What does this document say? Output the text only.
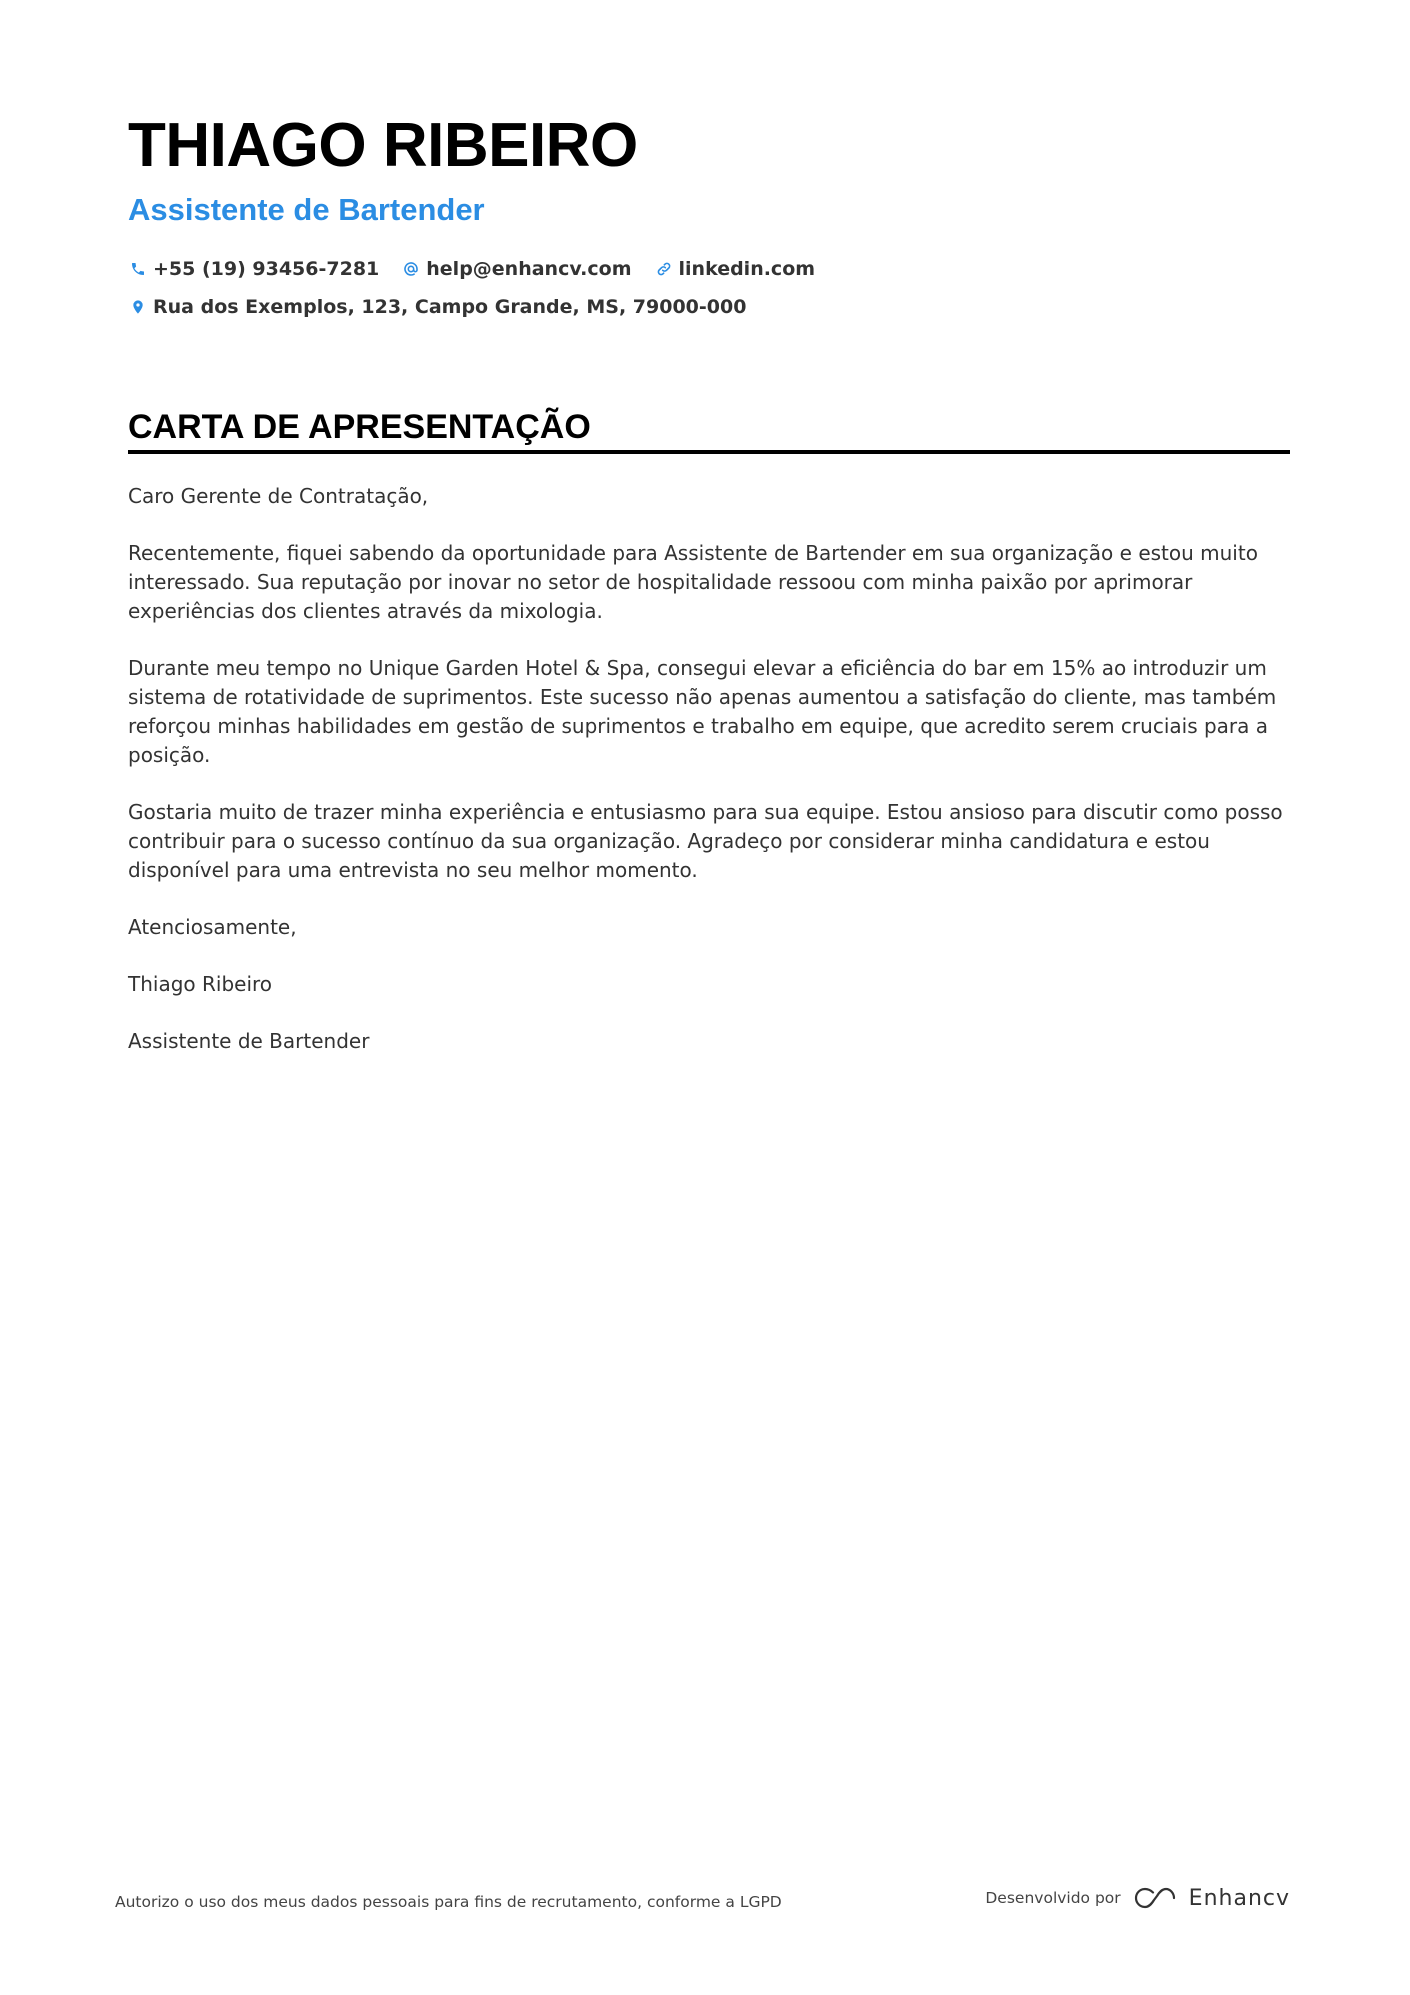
THIAGO RIBEIRO
Assistente de Bartender
+55 (19) 93456-7281 help@enhancv.com linkedin.com
Rua dos Exemplos, 123, Campo Grande, MS, 79000-000
CARTA DE APRESENTAÇÃO

Caro Gerente de Contratação,

Recentemente, fiquei sabendo da oportunidade para Assistente de Bartender em sua organização e estou muito interessado. Sua reputação por inovar no setor de hospitalidade ressoou com minha paixão por aprimorar experiências dos clientes através da mixologia.

Durante meu tempo no Unique Garden Hotel & Spa, consegui elevar a eficiência do bar em 15% ao introduzir um sistema de rotatividade de suprimentos. Este sucesso não apenas aumentou a satisfação do cliente, mas também reforçou minhas habilidades em gestão de suprimentos e trabalho em equipe, que acredito serem cruciais para a posição.

Gostaria muito de trazer minha experiência e entusiasmo para sua equipe. Estou ansioso para discutir como posso contribuir para o sucesso contínuo da sua organização. Agradeço por considerar minha candidatura e estou disponível para uma entrevista no seu melhor momento.

Atenciosamente,

Thiago Ribeiro

Assistente de Bartender

Autorizo o uso dos meus dados pessoais para fins de recrutamento, conforme a LGPD	Desenvolvido por	Enhancv
